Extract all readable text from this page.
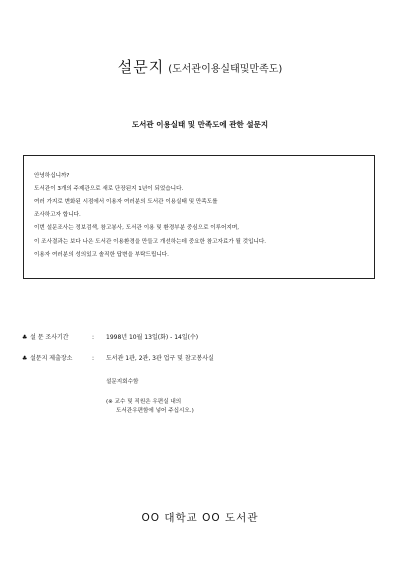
설문지 (도서관이용실태및만족도)
도서관 이용실태 및 만족도에 관한 설문지
안녕하십니까?
도서관이 3개의 주제관으로 새로 단장된지 1년이 되었습니다.
여러 가지로 변화된 시점에서 이용자 여러분의 도서관 이용실태 및 만족도를
조사하고자 합니다.
이번 설문조사는 정보검색, 참고봉사, 도서관 이용 및 환경부분 중심으로 이루어지며,
이 조사결과는 보다 나은 도서관 이용환경을 만들고 개선하는데 중요한 참고자료가 될 것입니다.
이용자 여러분의 성의있고 솔직한 답변을 부탁드립니다.
♣ 설 문 조사기간	: 1998년 10월 13일(화) - 14일(수)
♣ 설문지 제출장소	: 도서관 1관, 2관, 3관 업구 및 참고봉사실
설문지회수함
(※ 교수 및 직원은 우편실 내의
도서관우편함에 넣어 주십시오.)
OO 대학교 OO 도서관
